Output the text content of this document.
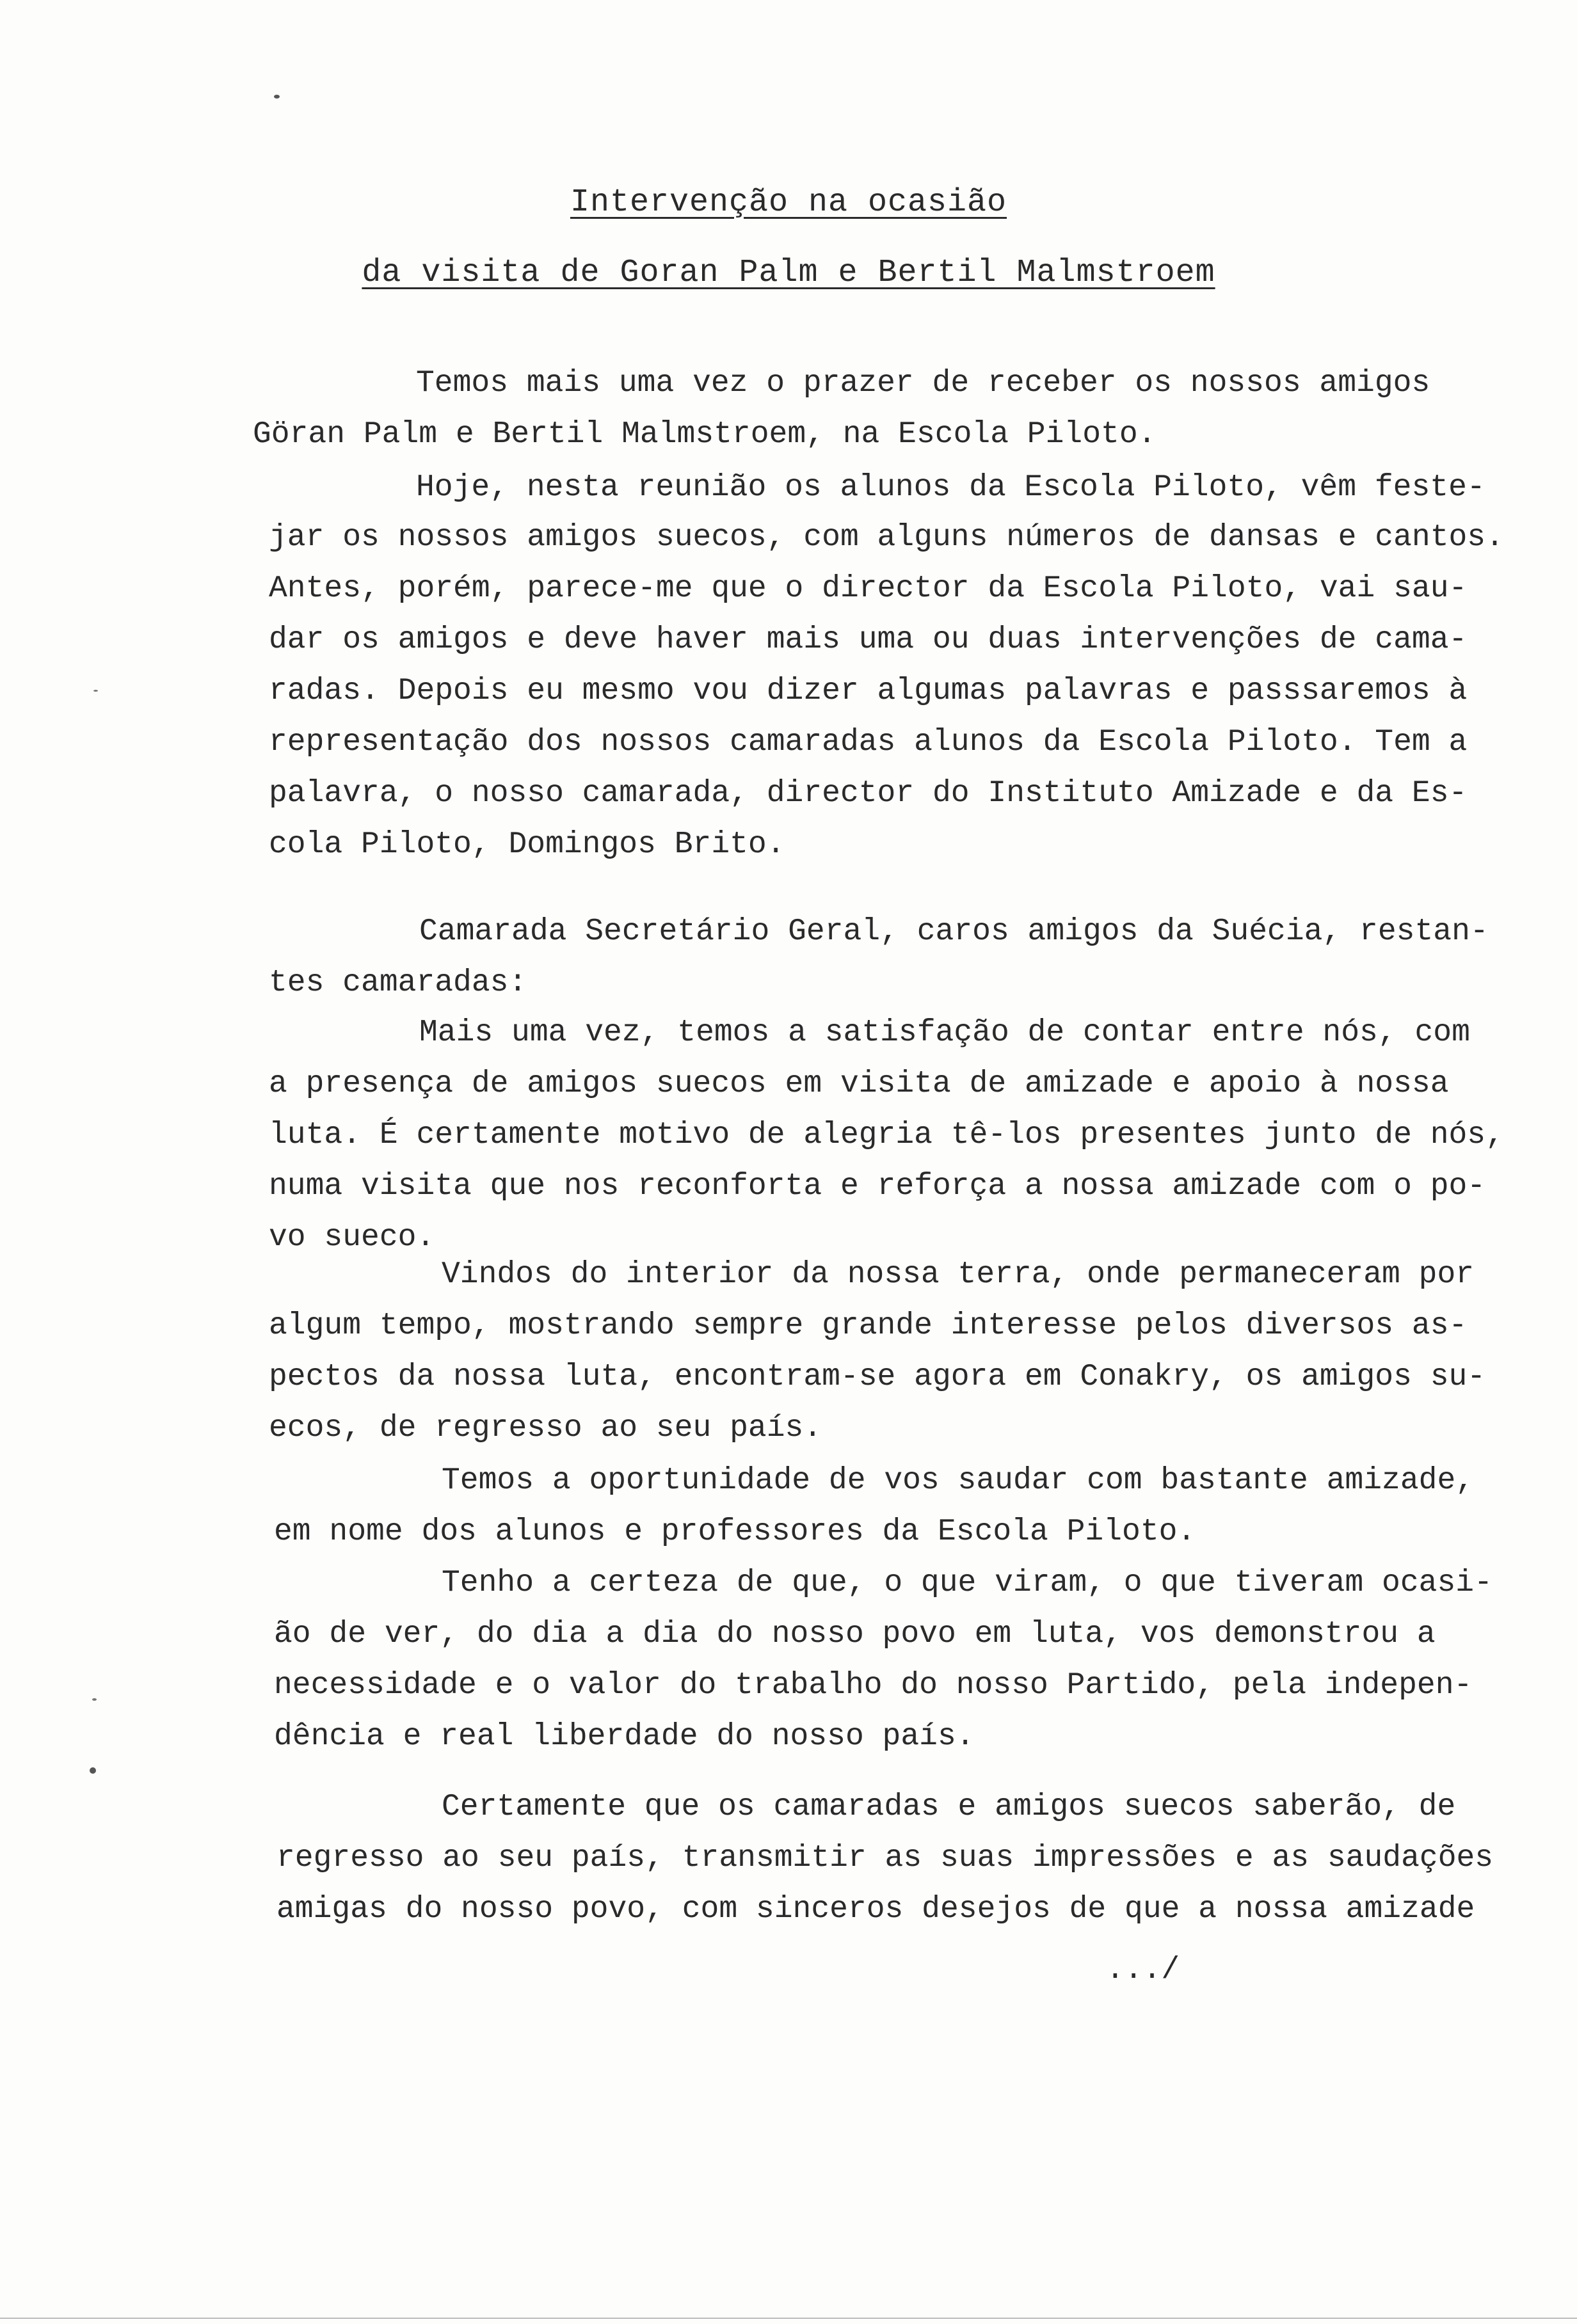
Intervenção na ocasião
da visita de Goran Palm e Bertil Malmstroem
Temos mais uma vez o prazer de receber os nossos amigos
Göran Palm e Bertil Malmstroem, na Escola Piloto.
Hoje, nesta reunião os alunos da Escola Piloto, vêm feste-
jar os nossos amigos suecos, com alguns números de dansas e cantos.
Antes, porém, parece-me que o director da Escola Piloto, vai sau-
dar os amigos e deve haver mais uma ou duas intervenções de cama-
radas. Depois eu mesmo vou dizer algumas palavras e passsaremos à
representação dos nossos camaradas alunos da Escola Piloto. Tem a
palavra, o nosso camarada, director do Instituto Amizade e da Es-
cola Piloto, Domingos Brito.
Camarada Secretário Geral, caros amigos da Suécia, restan-
tes camaradas:
Mais uma vez, temos a satisfação de contar entre nós, com
a presença de amigos suecos em visita de amizade e apoio à nossa
luta. É certamente motivo de alegria tê-los presentes junto de nós,
numa visita que nos reconforta e reforça a nossa amizade com o po-
vo sueco.
Vindos do interior da nossa terra, onde permaneceram por
algum tempo, mostrando sempre grande interesse pelos diversos as-
pectos da nossa luta, encontram-se agora em Conakry, os amigos su-
ecos, de regresso ao seu país.
Temos a oportunidade de vos saudar com bastante amizade,
em nome dos alunos e professores da Escola Piloto.
Tenho a certeza de que, o que viram, o que tiveram ocasi-
ão de ver, do dia a dia do nosso povo em luta, vos demonstrou a
necessidade e o valor do trabalho do nosso Partido, pela indepen-
dência e real liberdade do nosso país.
Certamente que os camaradas e amigos suecos saberão, de
regresso ao seu país, transmitir as suas impressões e as saudações
amigas do nosso povo, com sinceros desejos de que a nossa amizade
.../
